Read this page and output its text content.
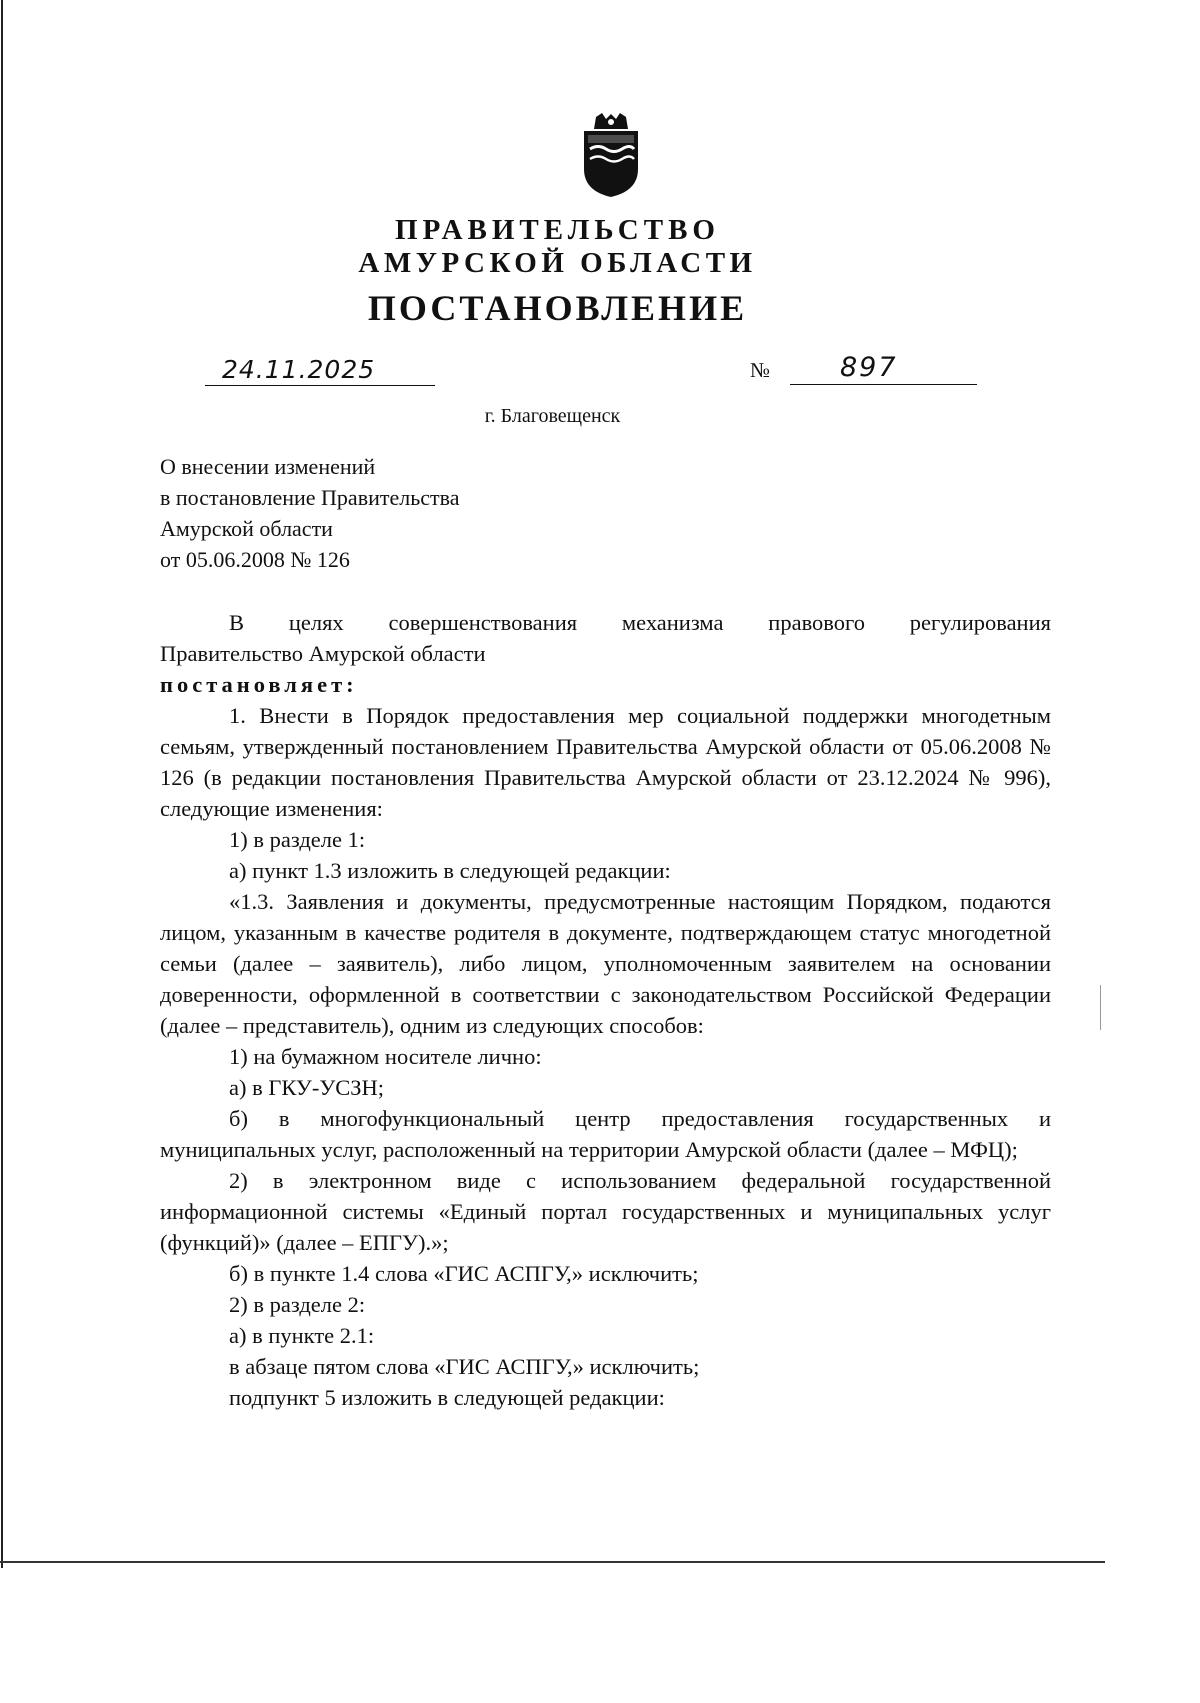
ПРАВИТЕЛЬСТВО
АМУРСКОЙ ОБЛАСТИ
ПОСТАНОВЛЕНИЕ
24.11.2025	№	897
г. Благовещенск
О внесении изменений
в постановление Правительства
Амурской области
от 05.06.2008 № 126

В целях совершенствования механизма правового регулирования

Правительство Амурской области

постановляет:

1. Внести в Порядок предоставления мер социальной поддержки многодетным семьям, утвержденный постановлением Правительства Амурской области от 05.06.2008 № 126 (в редакции постановления Правительства Амурской области от 23.12.2024 № 996), следующие изменения:

1) в разделе 1:

а) пункт 1.3 изложить в следующей редакции:

«1.3. Заявления и документы, предусмотренные настоящим Порядком, подаются лицом, указанным в качестве родителя в документе, подтверждающем статус многодетной семьи (далее – заявитель), либо лицом, уполномоченным заявителем на основании доверенности, оформленной в соответствии с законодательством Российской Федерации (далее – представитель), одним из следующих способов:

1) на бумажном носителе лично:

а) в ГКУ-УСЗН;

б) в многофункциональный центр предоставления государственных и муниципальных услуг, расположенный на территории Амурской области (далее – МФЦ);

2) в электронном виде с использованием федеральной государственной информационной системы «Единый портал государственных и муниципальных услуг (функций)» (далее – ЕПГУ).»;

б) в пункте 1.4 слова «ГИС АСПГУ,» исключить;

2) в разделе 2:

а) в пункте 2.1:

в абзаце пятом слова «ГИС АСПГУ,» исключить;

подпункт 5 изложить в следующей редакции:
